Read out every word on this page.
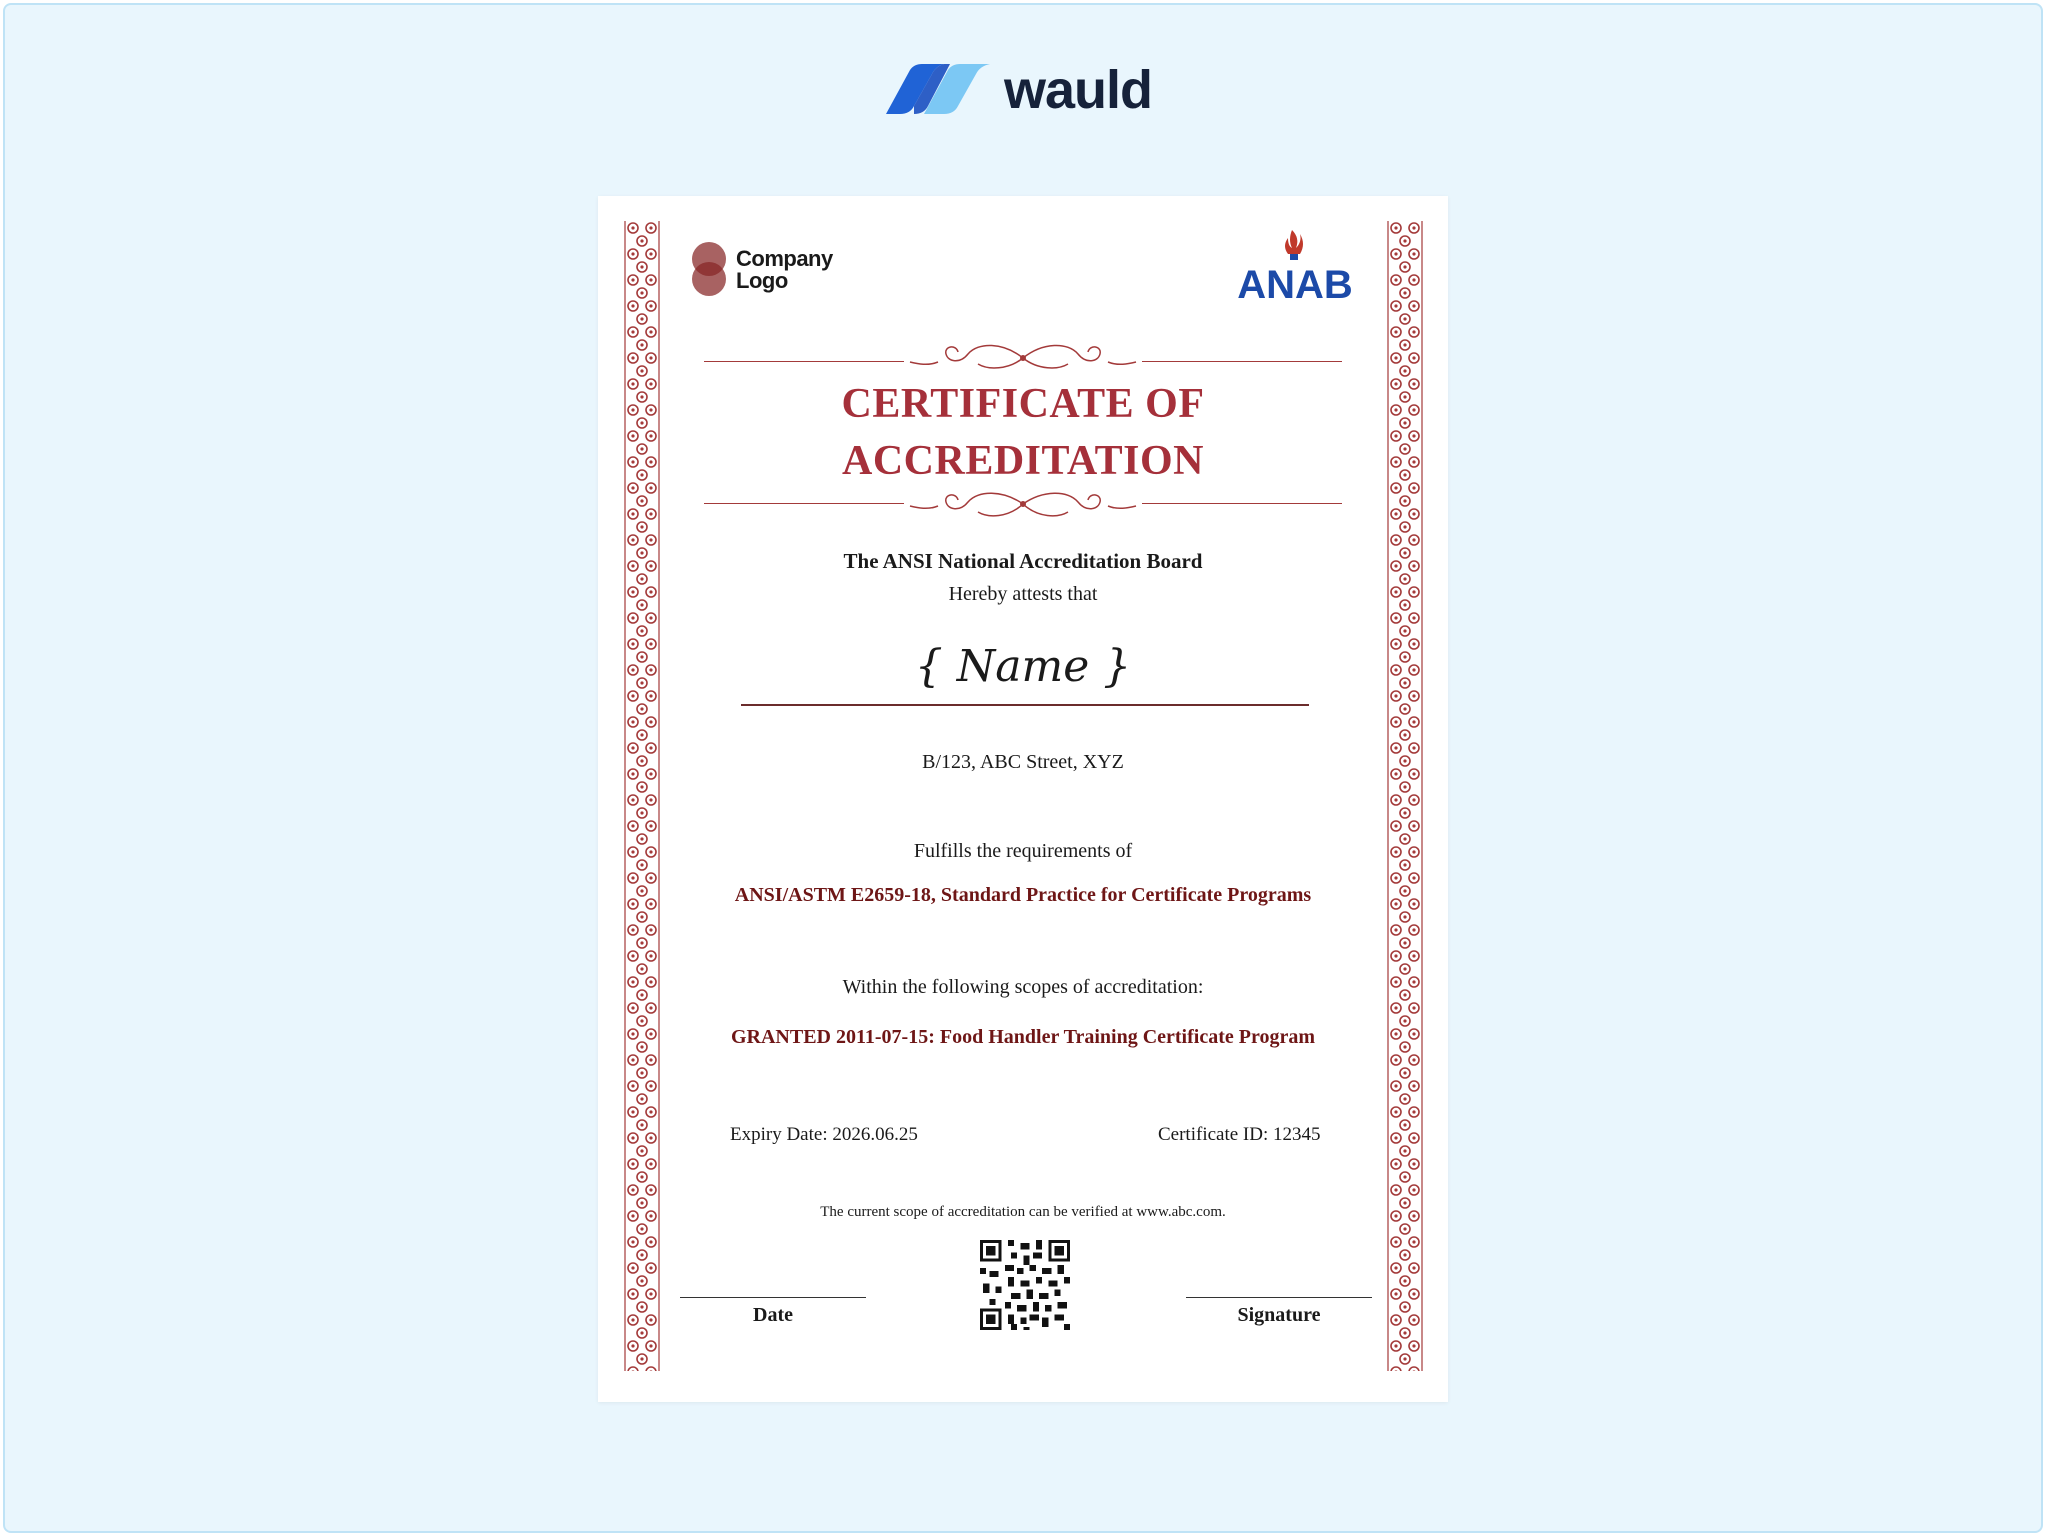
wauld
Company
Logo	ANAB
CERTIFICATE OF
ACCREDITATION
The ANSI National Accreditation Board
Hereby attests that
{ Name }
B/123, ABC Street, XYZ
Fulfills the requirements of
ANSI/ASTM E2659-18, Standard Practice for Certificate Programs
Within the following scopes of accreditation:
GRANTED 2011-07-15: Food Handler Training Certificate Program
Expiry Date: 2026.06.25	Certificate ID: 12345
The current scope of accreditation can be verified at www.abc.com.
Date	Signature
